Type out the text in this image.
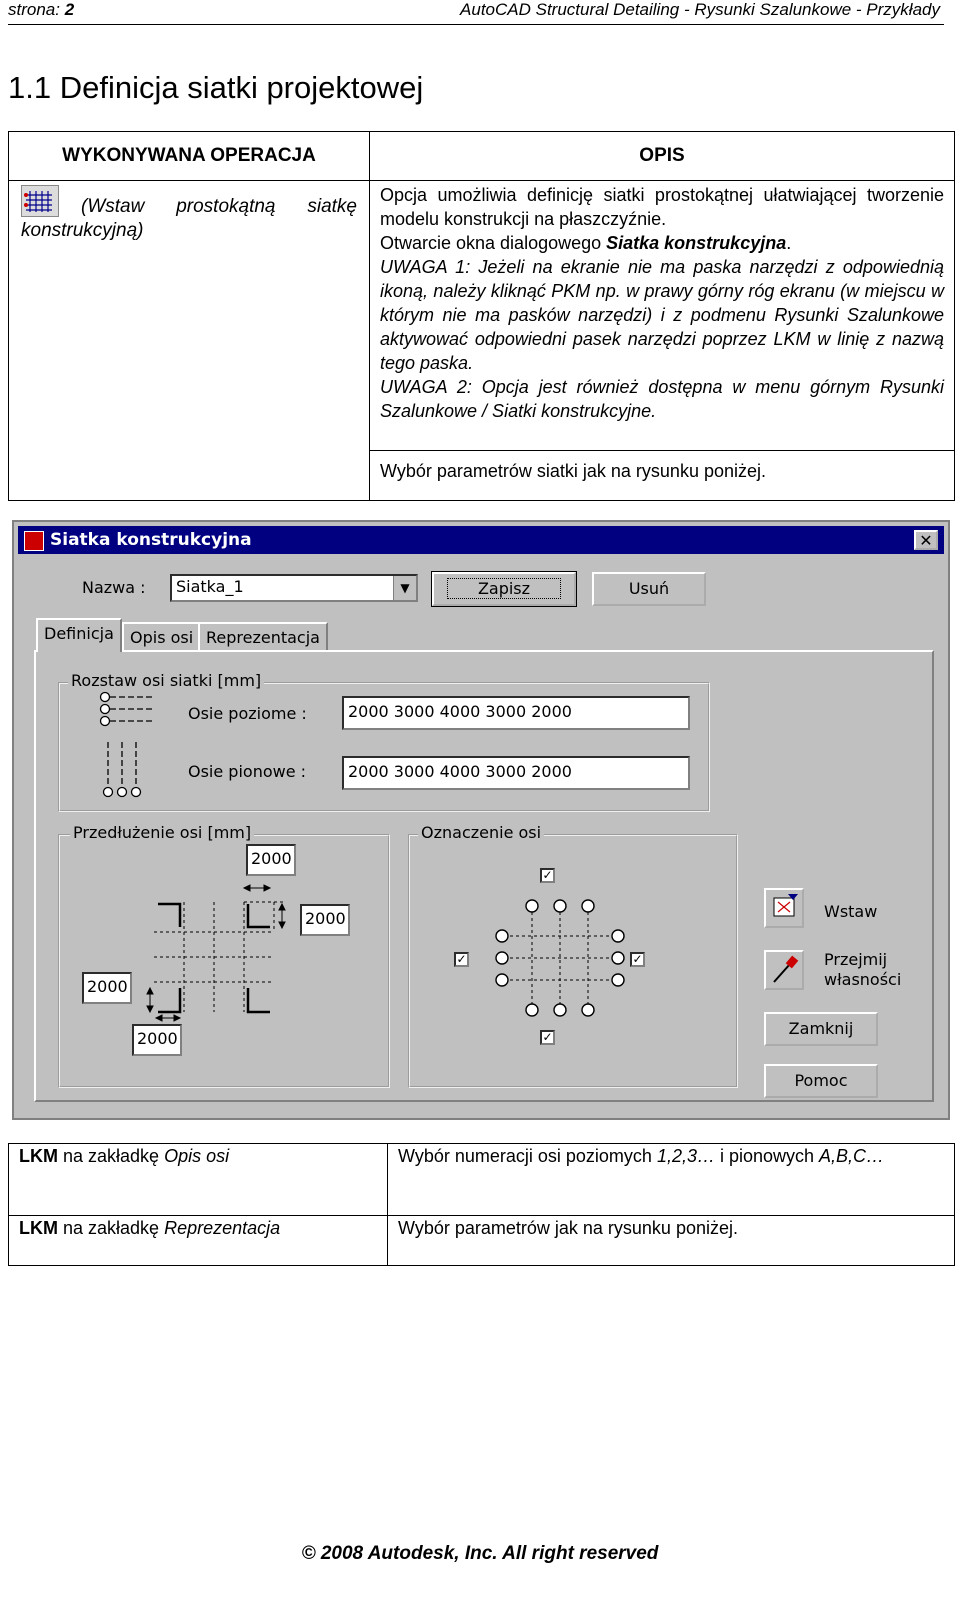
strona: 2	AutoCAD Structural Detailing - Rysunki Szalunkowe - Przykłady
1.1 Definicja siatki projektowej
WYKONYWANA OPERACJA	OPIS

(Wstaw prostokątną siatkę konstrukcyjną)	Opcja umożliwia definicję siatki prostokątnej ułatwiającej tworzenie modelu konstrukcji na płaszczyźnie.

Otwarcie okna dialogowego Siatka konstrukcyjna.

UWAGA 1: Jeżeli na ekranie nie ma paska narzędzi z odpowiednią ikoną, należy kliknąć PKM np. w prawy górny róg ekranu (w miejscu w którym nie ma pasków narzędzi) i z podmenu Rysunki Szalunkowe aktywować odpowiedni pasek narzędzi poprzez LKM w linię z nazwą tego paska.

UWAGA 2: Opcja jest również dostępna w menu górnym Rysunki Szalunkowe / Siatki konstrukcyjne.

	Wybór parametrów siatki jak na rysunku poniżej.
Siatka konstrukcyjna	✕
Nazwa :	Siatka_1	▼	Zapisz	Usuń
Definicja	Opis osi Reprezentacja
Rozstaw osi siatki [mm]
Osie poziome :	2000 3000 4000 3000 2000
Osie pionowe :	2000 3000 4000 3000 2000
Przedłużenie osi [mm]
2000
2000
2000
2000
Oznaczenie osi
✓
✓
✓	✓
Wstaw
Przejmij
własności
Zamknij
Pomoc
LKM na zakładkę Opis osi	Wybór numeracji osi poziomych 1,2,3… i pionowych A,B,C…
LKM na zakładkę Reprezentacja	Wybór parametrów jak na rysunku poniżej.
© 2008 Autodesk, Inc. All right reserved
